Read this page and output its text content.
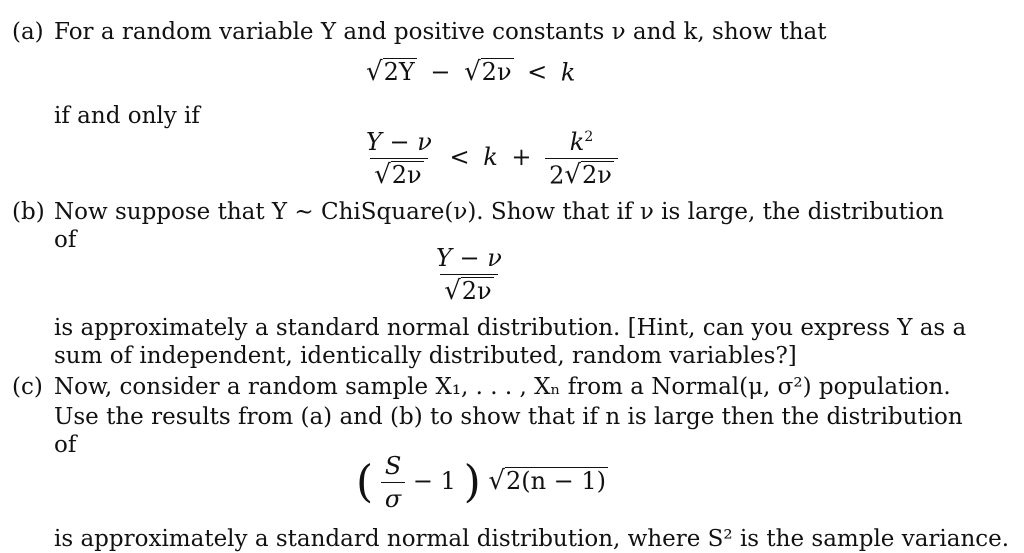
(a) For a random variable Y and positive constants ν and k, show that
√ 2Y − √ 2ν < k
if and only if
$\frac{Y - \nu}{√ 2\nu} < k + \frac{k^2}{2 √ 2\nu}$
(b) Now suppose that Y ∼ ChiSquare(ν). Show that if ν is large, the distribution
of
$\frac{Y - \nu}{√ 2\nu}$
is approximately a standard normal distribution. [Hint, can you express Y as a
sum of independent, identically distributed, random variables?]
(c) Now, consider a random sample X₁, . . . , Xₙ from a Normal(μ, σ²) population.
Use the results from (a) and (b) to show that if n is large then the distribution
of
( $\frac{S}{\sigma} - 1$ ) √ 2(n − 1)
is approximately a standard normal distribution, where S² is the sample variance.
